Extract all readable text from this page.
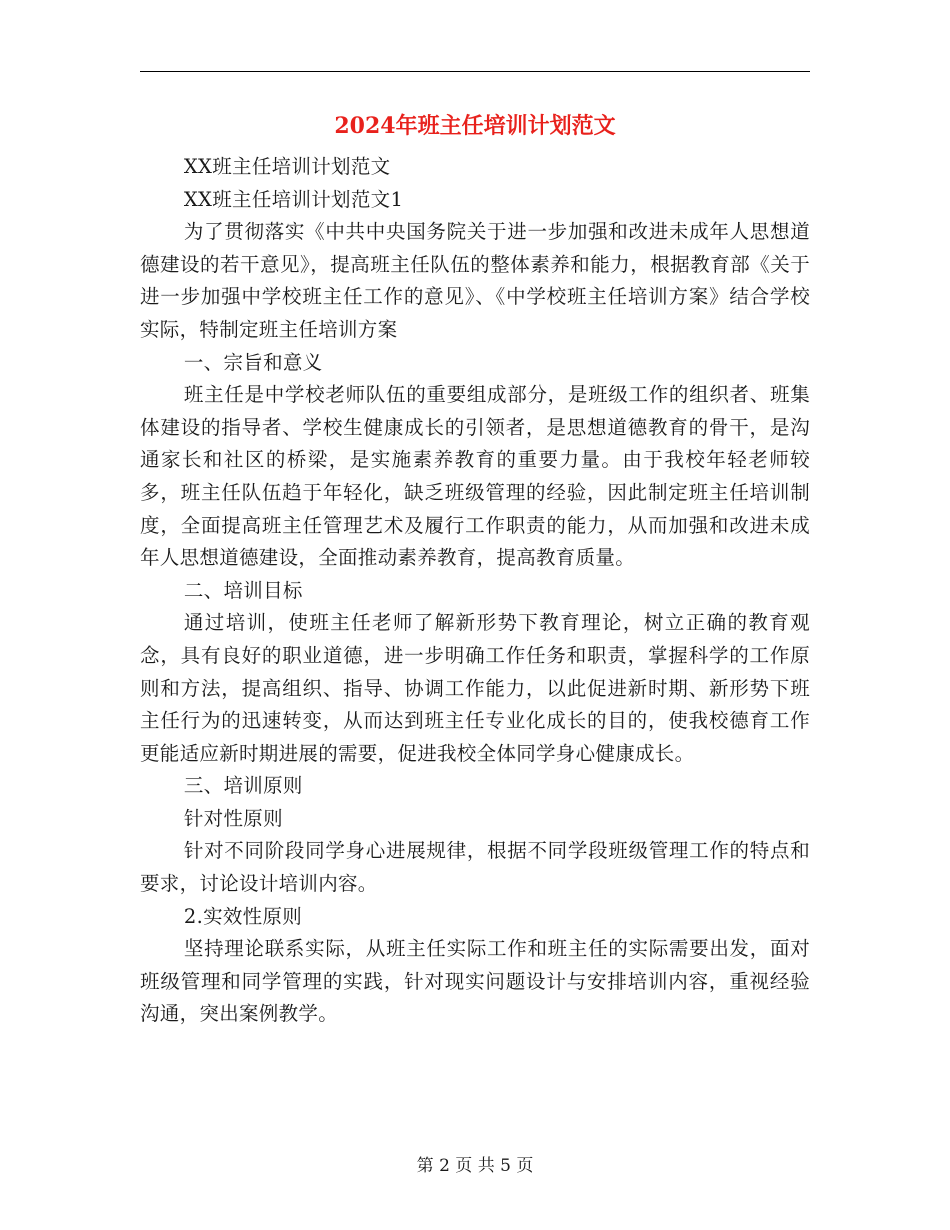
2024年班主任培训计划范文

XX班主任培训计划范文

XX班主任培训计划范文1

为了贯彻落实《中共中央国务院关于进一步加强和改进未成年人思想道德建设的若干意见》，提高班主任队伍的整体素养和能力，根据教育部《关于进一步加强中学校班主任工作的意见》、《中学校班主任培训方案》结合学校实际，特制定班主任培训方案

一、宗旨和意义

班主任是中学校老师队伍的重要组成部分，是班级工作的组织者、班集体建设的指导者、学校生健康成长的引领者，是思想道德教育的骨干，是沟通家长和社区的桥梁，是实施素养教育的重要力量。由于我校年轻老师较多，班主任队伍趋于年轻化，缺乏班级管理的经验，因此制定班主任培训制度，全面提高班主任管理艺术及履行工作职责的能力，从而加强和改进未成年人思想道德建设，全面推动素养教育，提高教育质量。

二、培训目标

通过培训，使班主任老师了解新形势下教育理论，树立正确的教育观念，具有良好的职业道德，进一步明确工作任务和职责，掌握科学的工作原则和方法，提高组织、指导、协调工作能力，以此促进新时期、新形势下班主任行为的迅速转变，从而达到班主任专业化成长的目的，使我校德育工作更能适应新时期进展的需要，促进我校全体同学身心健康成长。

三、培训原则

针对性原则

针对不同阶段同学身心进展规律，根据不同学段班级管理工作的特点和要求，讨论设计培训内容。

2.实效性原则

坚持理论联系实际，从班主任实际工作和班主任的实际需要出发，面对班级管理和同学管理的实践，针对现实问题设计与安排培训内容，重视经验沟通，突出案例教学。

第 2 页 共 5 页
